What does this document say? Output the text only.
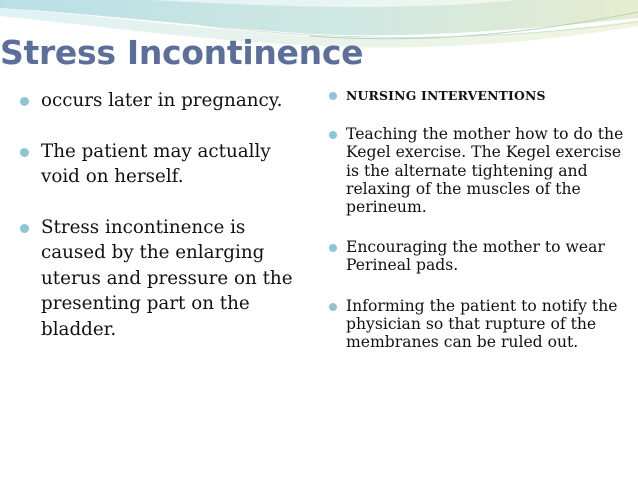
Stress Incontinence
occurs later in pregnancy.
The patient may actually void on herself.
Stress incontinence is caused by the enlarging uterus and pressure on the presenting part on the bladder.
NURSING INTERVENTIONS
Teaching the mother how to do the Kegel exercise. The Kegel exercise is the alternate tightening and relaxing of the muscles of the perineum.
Encouraging the mother to wear Perineal pads.
Informing the patient to notify the physician so that rupture of the membranes can be ruled out.
